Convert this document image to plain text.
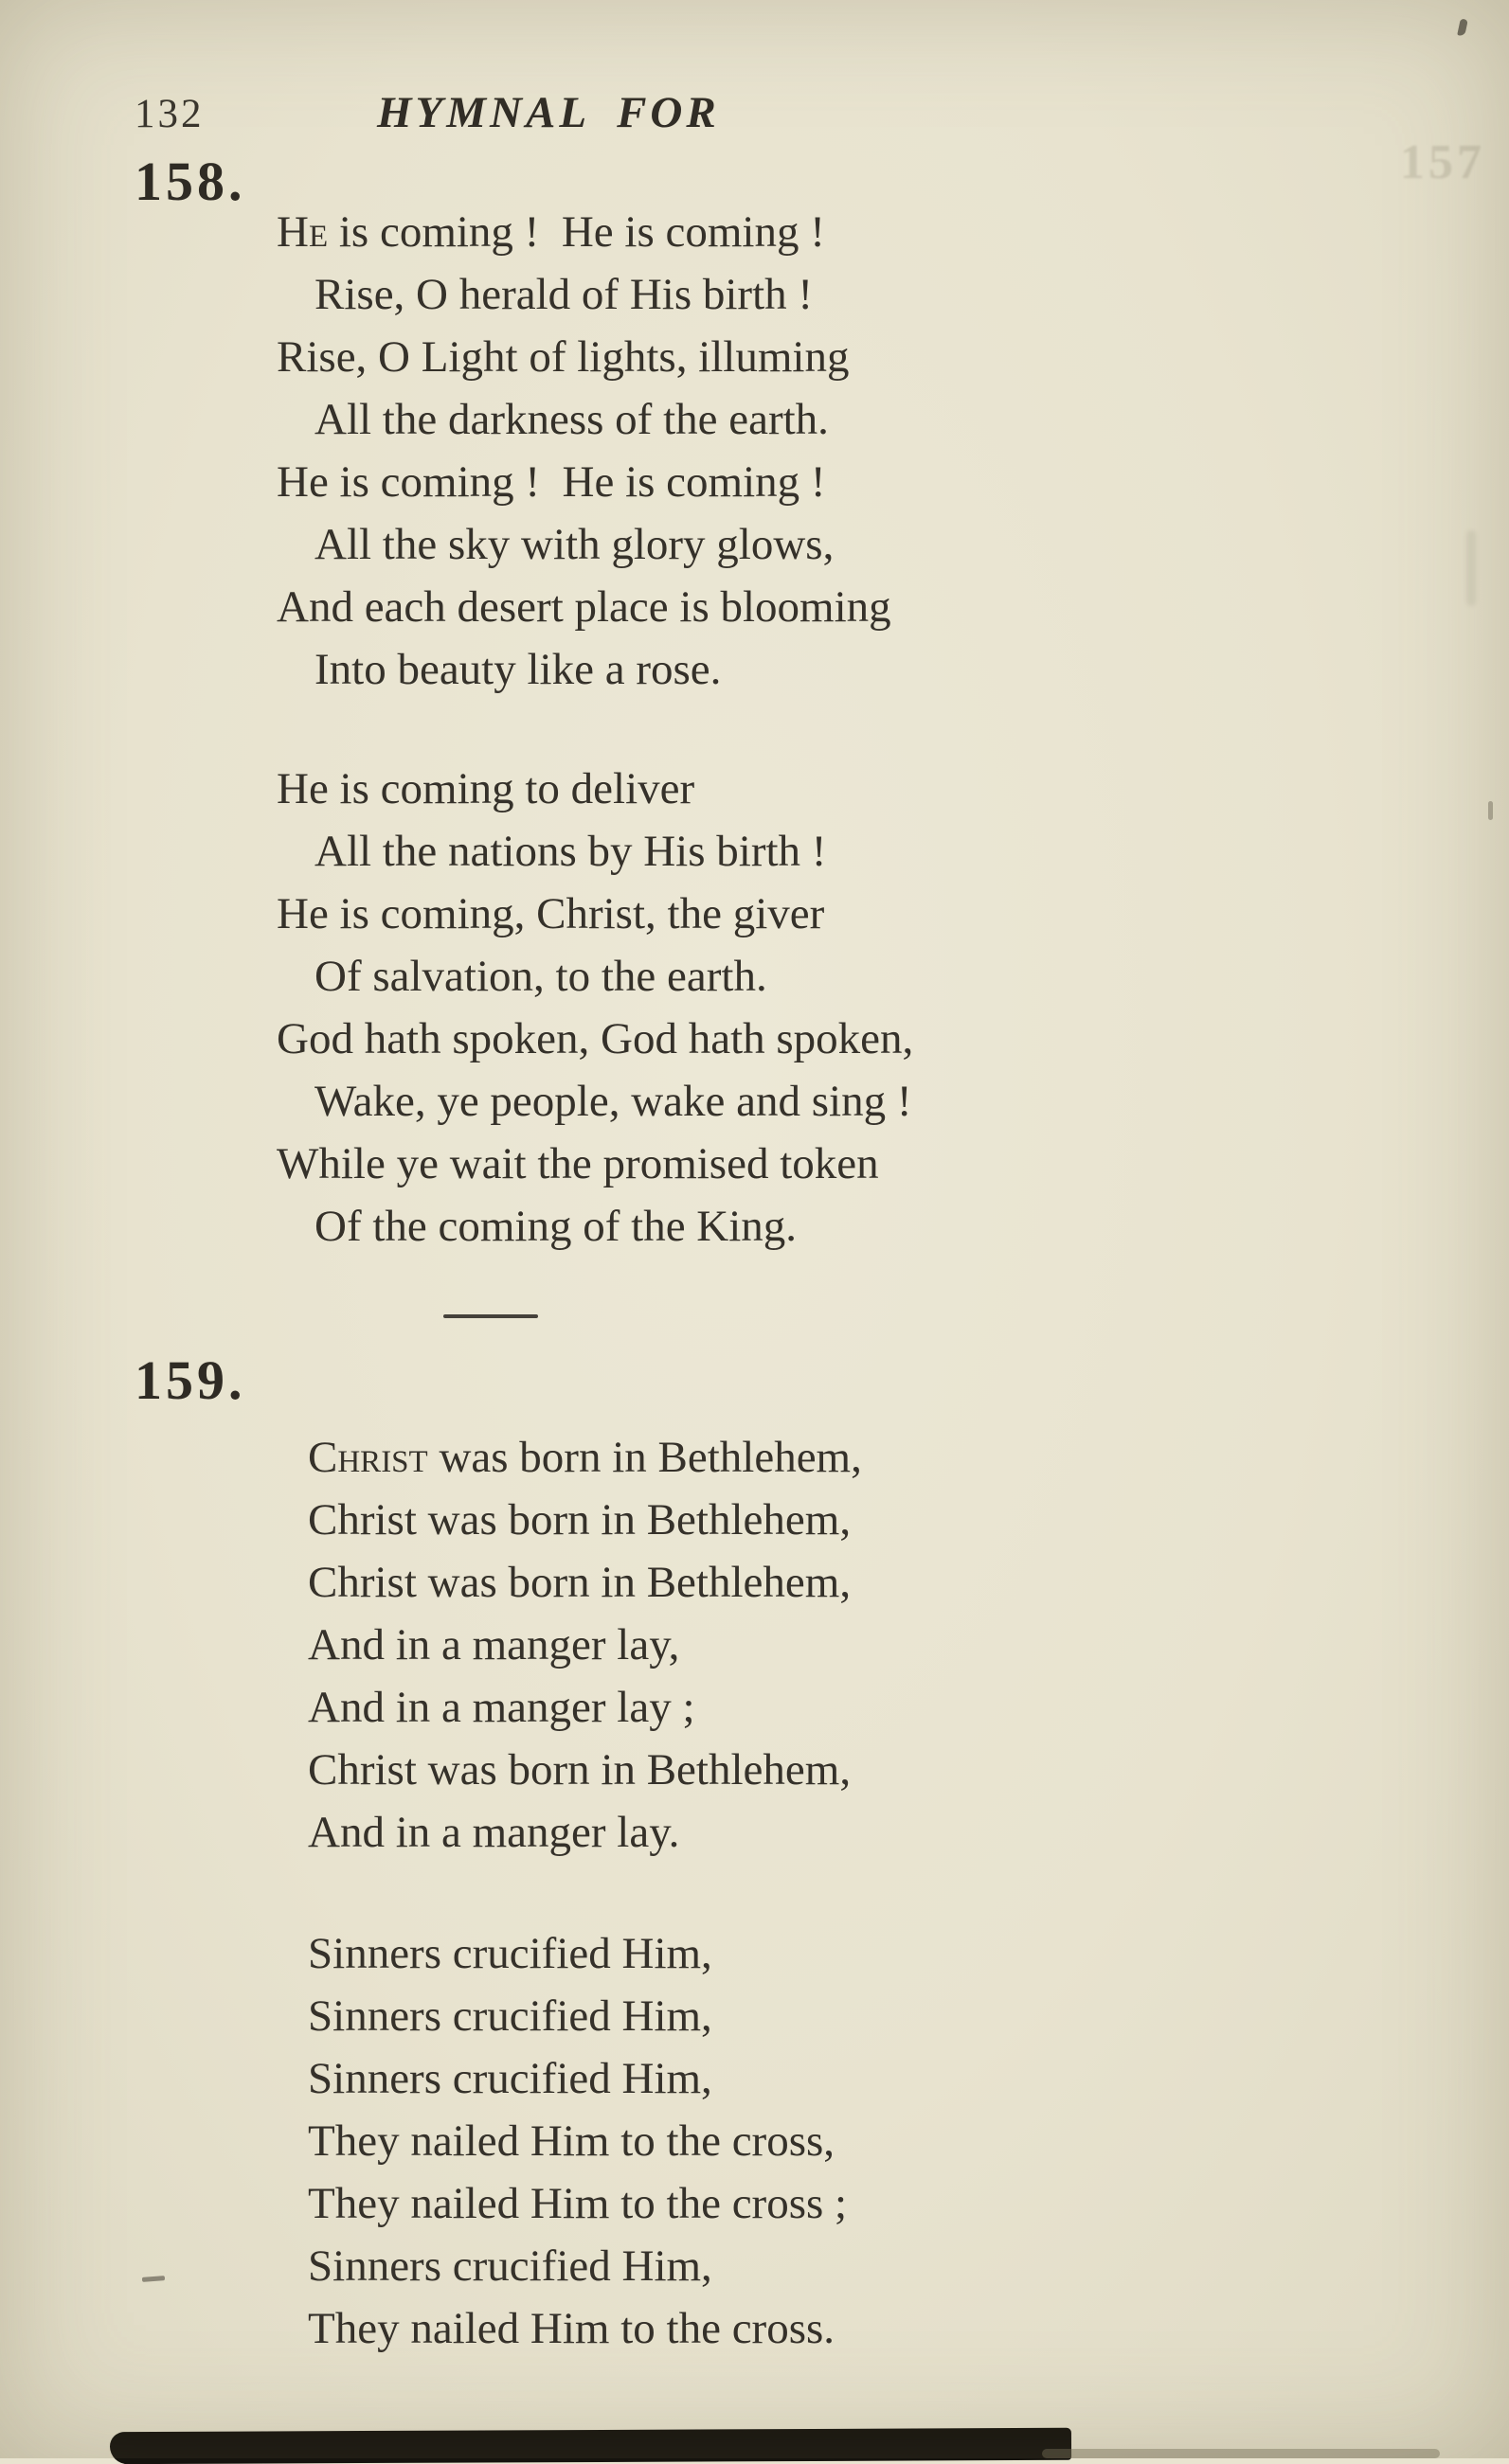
132	HYMNAL FOR
158.
He is coming !  He is coming !
Rise, O herald of His birth !
Rise, O Light of lights, illuming
All the darkness of the earth.
He is coming !  He is coming !
All the sky with glory glows,
And each desert place is blooming
Into beauty like a rose.
He is coming to deliver
All the nations by His birth !
He is coming, Christ, the giver
Of salvation, to the earth.
God hath spoken, God hath spoken,
Wake, ye people, wake and sing !
While ye wait the promised token
Of the coming of the King.
159.
Christ was born in Bethlehem,
Christ was born in Bethlehem,
Christ was born in Bethlehem,
And in a manger lay,
And in a manger lay ;
Christ was born in Bethlehem,
And in a manger lay.
Sinners crucified Him,
Sinners crucified Him,
Sinners crucified Him,
They nailed Him to the cross,
They nailed Him to the cross ;
Sinners crucified Him,
They nailed Him to the cross.
157
